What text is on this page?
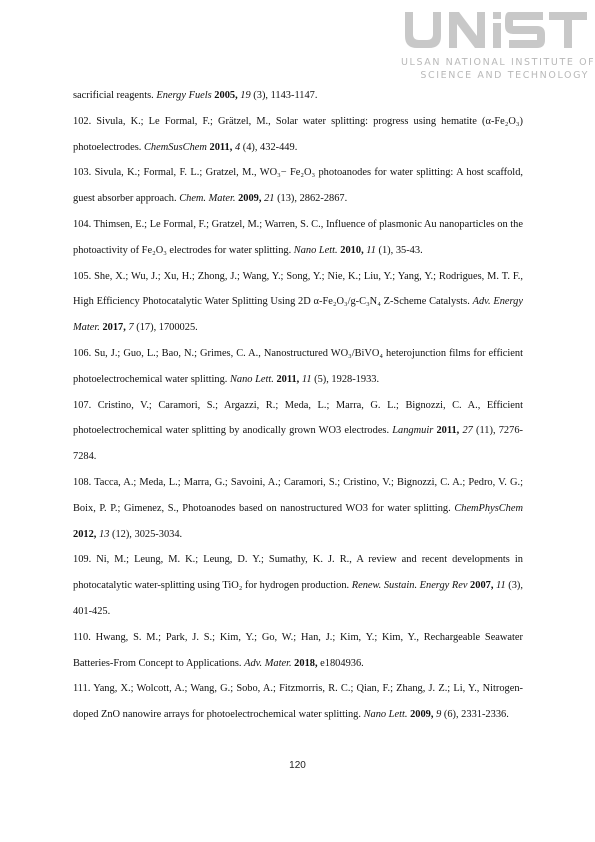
ULSAN NATIONAL INSTITUTE OF
SCIENCE AND TECHNOLOGY

sacrificial reagents. Energy Fuels 2005, 19 (3), 1143-1147.

102. Sivula, K.; Le Formal, F.; Grätzel, M., Solar water splitting: progress using hematite (α-Fe₂O₃) photoelectrodes. ChemSusChem 2011, 4 (4), 432-449.

103. Sivula, K.; Formal, F. L.; Gratzel, M., WO₃− Fe₂O₃ photoanodes for water splitting: A host scaffold, guest absorber approach. Chem. Mater. 2009, 21 (13), 2862-2867.

104. Thimsen, E.; Le Formal, F.; Gratzel, M.; Warren, S. C., Influence of plasmonic Au nanoparticles on the photoactivity of Fe₂O₃ electrodes for water splitting. Nano Lett. 2010, 11 (1), 35-43.

105. She, X.; Wu, J.; Xu, H.; Zhong, J.; Wang, Y.; Song, Y.; Nie, K.; Liu, Y.; Yang, Y.; Rodrigues, M. T. F., High Efficiency Photocatalytic Water Splitting Using 2D α-Fe₂O₃/g-C₃N₄ Z-Scheme Catalysts. Adv. Energy Mater. 2017, 7 (17), 1700025.

106. Su, J.; Guo, L.; Bao, N.; Grimes, C. A., Nanostructured WO₃/BiVO₄ heterojunction films for efficient photoelectrochemical water splitting. Nano Lett. 2011, 11 (5), 1928-1933.

107. Cristino, V.; Caramori, S.; Argazzi, R.; Meda, L.; Marra, G. L.; Bignozzi, C. A., Efficient photoelectrochemical water splitting by anodically grown WO3 electrodes. Langmuir 2011, 27 (11), 7276-7284.

108. Tacca, A.; Meda, L.; Marra, G.; Savoini, A.; Caramori, S.; Cristino, V.; Bignozzi, C. A.; Pedro, V. G.; Boix, P. P.; Gimenez, S., Photoanodes based on nanostructured WO3 for water splitting. ChemPhysChem 2012, 13 (12), 3025-3034.

109. Ni, M.; Leung, M. K.; Leung, D. Y.; Sumathy, K. J. R., A review and recent developments in photocatalytic water-splitting using TiO₂ for hydrogen production. Renew. Sustain. Energy Rev 2007, 11 (3), 401-425.

110. Hwang, S. M.; Park, J. S.; Kim, Y.; Go, W.; Han, J.; Kim, Y.; Kim, Y., Rechargeable Seawater Batteries-From Concept to Applications. Adv. Mater. 2018, e1804936.

111. Yang, X.; Wolcott, A.; Wang, G.; Sobo, A.; Fitzmorris, R. C.; Qian, F.; Zhang, J. Z.; Li, Y., Nitrogen-doped ZnO nanowire arrays for photoelectrochemical water splitting. Nano Lett. 2009, 9 (6), 2331-2336.

120
